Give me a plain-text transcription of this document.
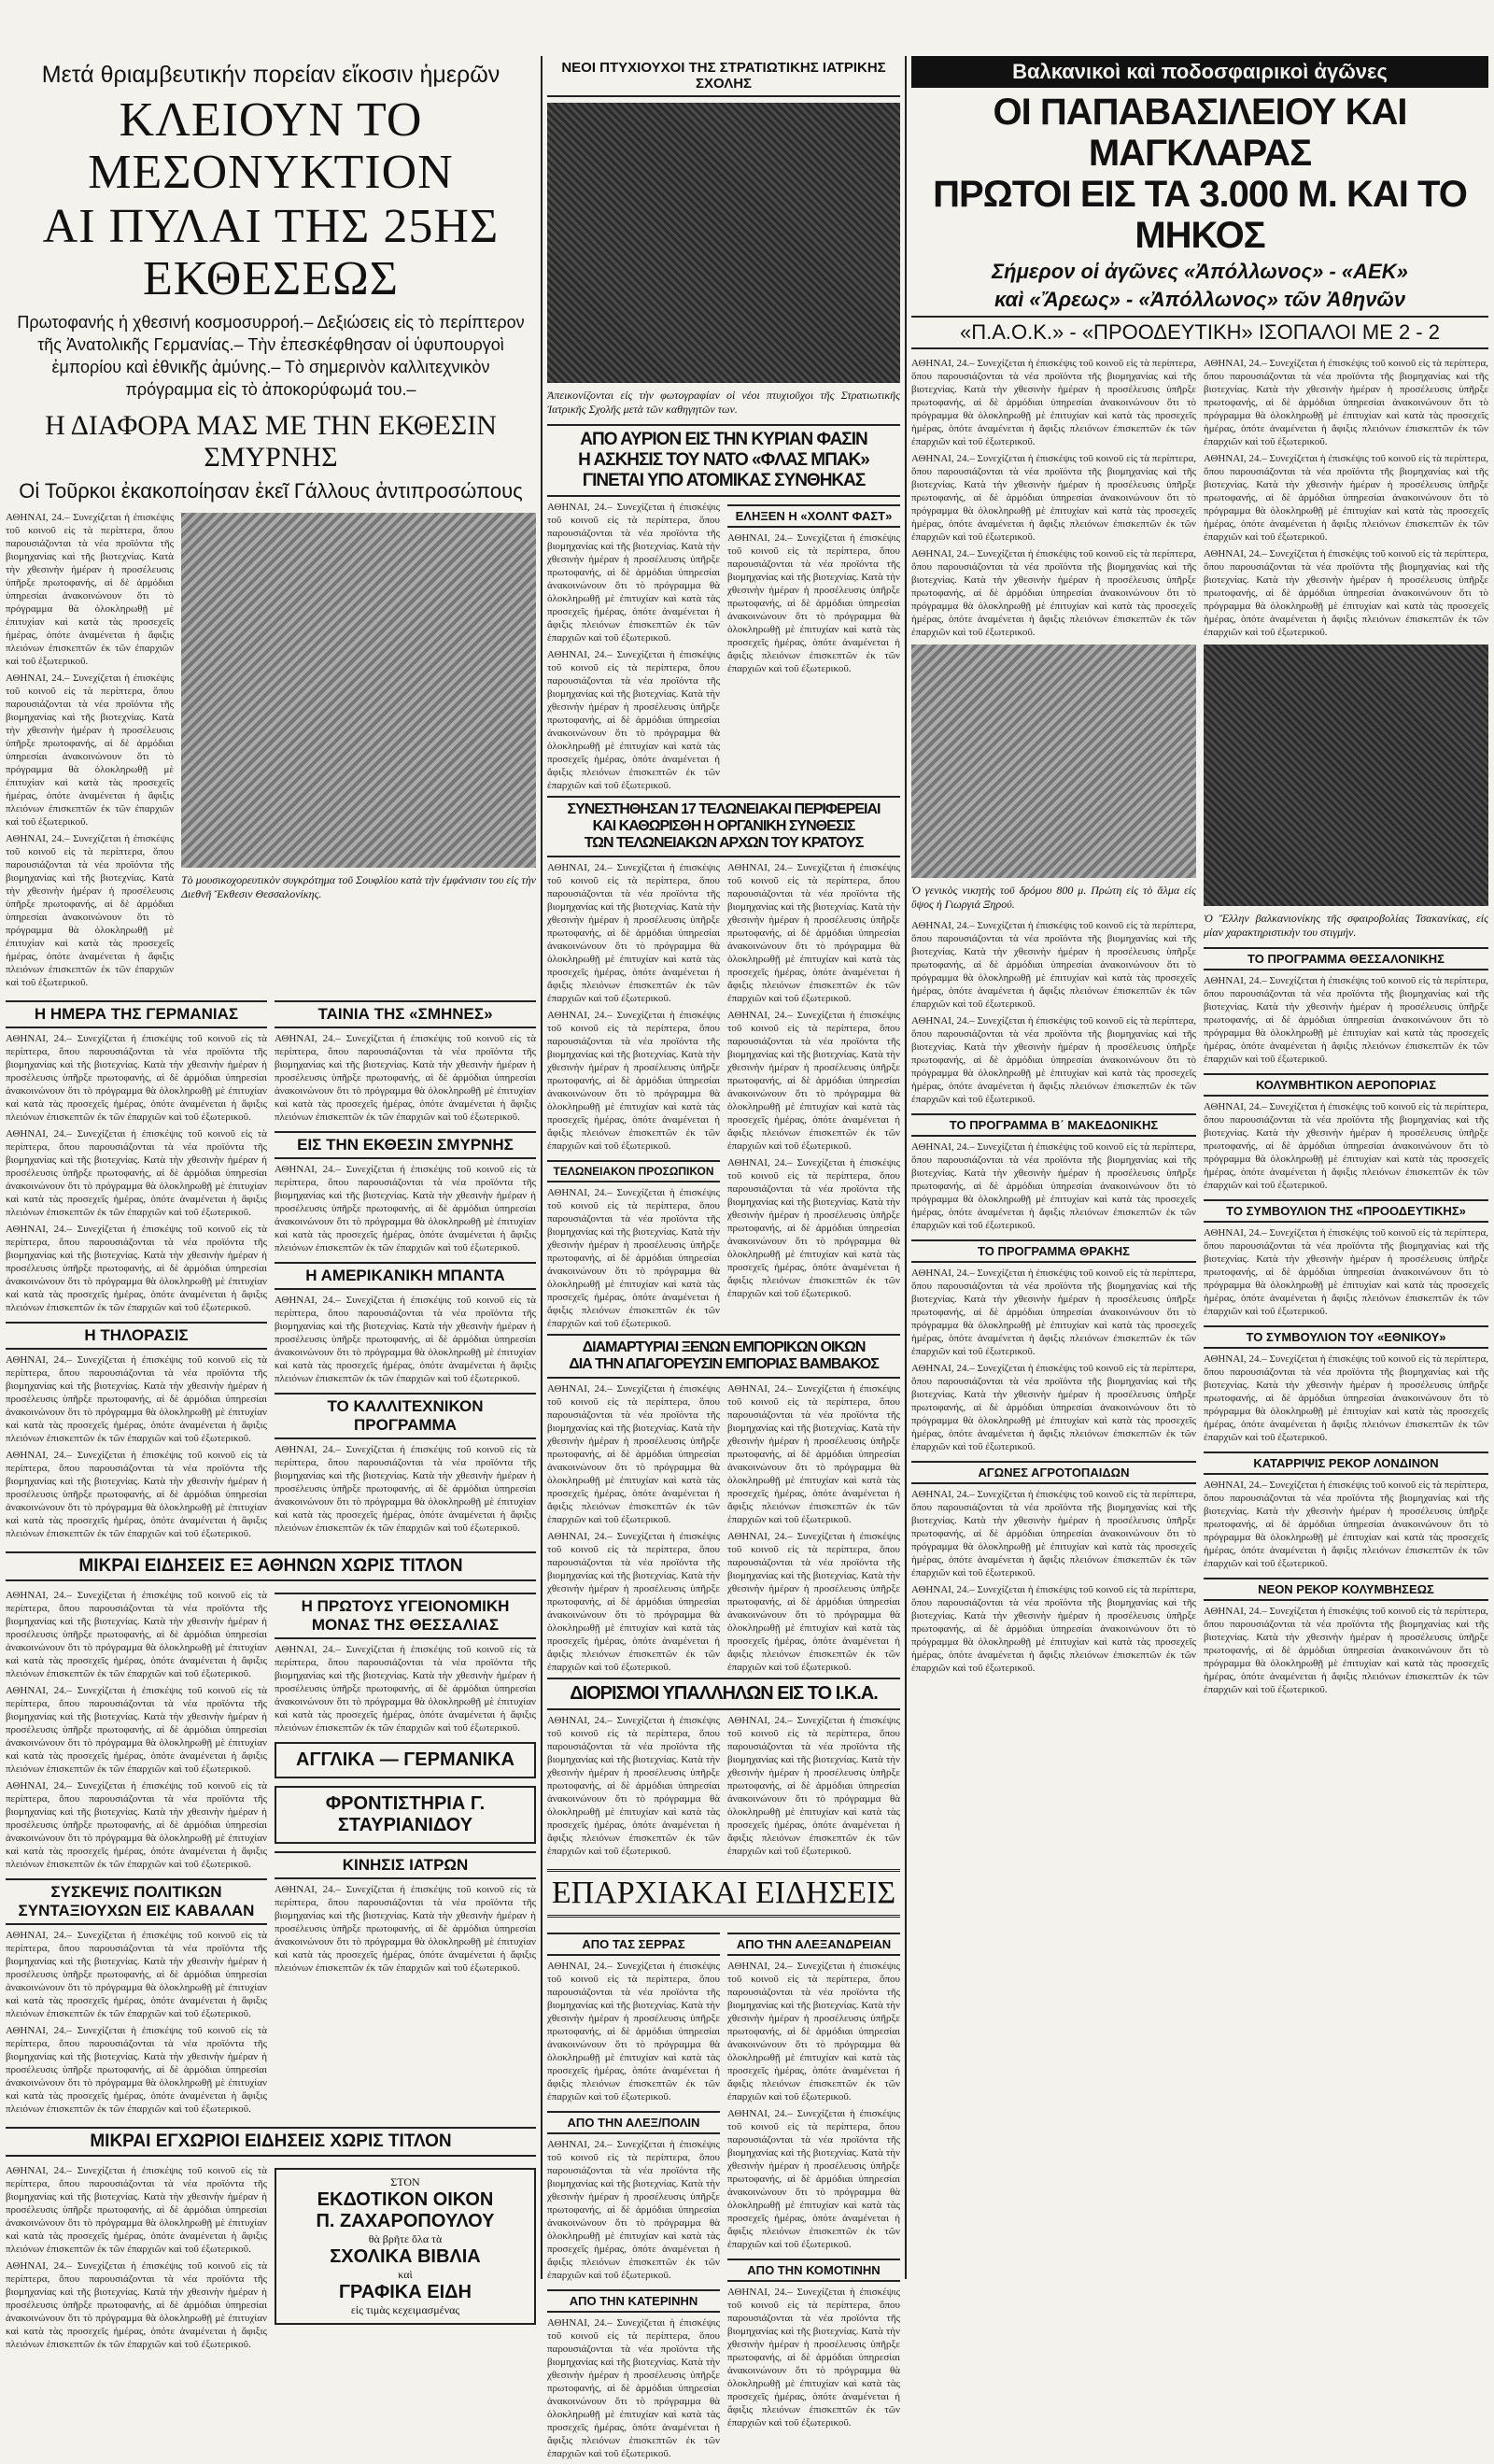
Μετά θριαμβευτικήν πορείαν εἴκοσιν ἡμερῶν
ΚΛΕΙΟΥΝ ΤΟ ΜΕΣΟΝΥΚΤΙΟΝ
ΑΙ ΠΥΛΑΙ ΤΗΣ 25ΗΣ ΕΚΘΕΣΕΩΣ
Πρωτοφανής ἡ χθεσινή κοσμοσυρροή.– Δεξιώσεις εἰς τὸ περίπτερον τῆς Ἀνατολικῆς Γερμανίας.– Τὴν ἐπεσκέφθησαν οἱ ὑφυπουργοὶ ἐμπορίου καὶ ἐθνικῆς ἀμύνης.– Τὸ σημερινὸν καλλιτεχνικὸν πρόγραμμα εἰς τὸ ἀποκορύφωμά του.–
Η ΔΙΑΦΟΡΑ ΜΑΣ ΜΕ ΤΗΝ ΕΚΘΕΣΙΝ ΣΜΥΡΝΗΣ
Οἱ Τοῦρκοι ἐκακοποίησαν ἐκεῖ Γάλλους ἀντιπροσώπους

ΑΘΗΝΑΙ, 24.– Συνεχίζεται ἡ ἐπισκέψις τοῦ κοινοῦ εἰς τὰ περίπτερα, ὅπου παρουσιάζονται τὰ νέα προϊόντα τῆς βιομηχανίας καὶ τῆς βιοτεχνίας. Κατὰ τὴν χθεσινὴν ἡμέραν ἡ προσέλευσις ὑπῆρξε πρωτοφανής, αἱ δὲ ἀρμόδιαι ὑπηρεσίαι ἀνακοινώνουν ὅτι τὸ πρόγραμμα θὰ ὁλοκληρωθῇ μὲ ἐπιτυχίαν καὶ κατὰ τὰς προσεχεῖς ἡμέρας, ὁπότε ἀναμένεται ἡ ἄφιξις πλειόνων ἐπισκεπτῶν ἐκ τῶν ἐπαρχιῶν καὶ τοῦ ἐξωτερικοῦ.

ΑΘΗΝΑΙ, 24.– Συνεχίζεται ἡ ἐπισκέψις τοῦ κοινοῦ εἰς τὰ περίπτερα, ὅπου παρουσιάζονται τὰ νέα προϊόντα τῆς βιομηχανίας καὶ τῆς βιοτεχνίας. Κατὰ τὴν χθεσινὴν ἡμέραν ἡ προσέλευσις ὑπῆρξε πρωτοφανής, αἱ δὲ ἀρμόδιαι ὑπηρεσίαι ἀνακοινώνουν ὅτι τὸ πρόγραμμα θὰ ὁλοκληρωθῇ μὲ ἐπιτυχίαν καὶ κατὰ τὰς προσεχεῖς ἡμέρας, ὁπότε ἀναμένεται ἡ ἄφιξις πλειόνων ἐπισκεπτῶν ἐκ τῶν ἐπαρχιῶν καὶ τοῦ ἐξωτερικοῦ.

ΑΘΗΝΑΙ, 24.– Συνεχίζεται ἡ ἐπισκέψις τοῦ κοινοῦ εἰς τὰ περίπτερα, ὅπου παρουσιάζονται τὰ νέα προϊόντα τῆς βιομηχανίας καὶ τῆς βιοτεχνίας. Κατὰ τὴν χθεσινὴν ἡμέραν ἡ προσέλευσις ὑπῆρξε πρωτοφανής, αἱ δὲ ἀρμόδιαι ὑπηρεσίαι ἀνακοινώνουν ὅτι τὸ πρόγραμμα θὰ ὁλοκληρωθῇ μὲ ἐπιτυχίαν καὶ κατὰ τὰς προσεχεῖς ἡμέρας, ὁπότε ἀναμένεται ἡ ἄφιξις πλειόνων ἐπισκεπτῶν ἐκ τῶν ἐπαρχιῶν καὶ τοῦ ἐξωτερικοῦ.

Τὸ μουσικοχορευτικὸν συγκρότημα τοῦ Σουφλίου κατὰ τὴν ἐμφάνισιν του εἰς τὴν Διεθνῆ Ἔκθεσιν Θεσσαλονίκης.
Η ΗΜΕΡΑ ΤΗΣ ΓΕΡΜΑΝΙΑΣ

ΑΘΗΝΑΙ, 24.– Συνεχίζεται ἡ ἐπισκέψις τοῦ κοινοῦ εἰς τὰ περίπτερα, ὅπου παρουσιάζονται τὰ νέα προϊόντα τῆς βιομηχανίας καὶ τῆς βιοτεχνίας. Κατὰ τὴν χθεσινὴν ἡμέραν ἡ προσέλευσις ὑπῆρξε πρωτοφανής, αἱ δὲ ἀρμόδιαι ὑπηρεσίαι ἀνακοινώνουν ὅτι τὸ πρόγραμμα θὰ ὁλοκληρωθῇ μὲ ἐπιτυχίαν καὶ κατὰ τὰς προσεχεῖς ἡμέρας, ὁπότε ἀναμένεται ἡ ἄφιξις πλειόνων ἐπισκεπτῶν ἐκ τῶν ἐπαρχιῶν καὶ τοῦ ἐξωτερικοῦ.

ΑΘΗΝΑΙ, 24.– Συνεχίζεται ἡ ἐπισκέψις τοῦ κοινοῦ εἰς τὰ περίπτερα, ὅπου παρουσιάζονται τὰ νέα προϊόντα τῆς βιομηχανίας καὶ τῆς βιοτεχνίας. Κατὰ τὴν χθεσινὴν ἡμέραν ἡ προσέλευσις ὑπῆρξε πρωτοφανής, αἱ δὲ ἀρμόδιαι ὑπηρεσίαι ἀνακοινώνουν ὅτι τὸ πρόγραμμα θὰ ὁλοκληρωθῇ μὲ ἐπιτυχίαν καὶ κατὰ τὰς προσεχεῖς ἡμέρας, ὁπότε ἀναμένεται ἡ ἄφιξις πλειόνων ἐπισκεπτῶν ἐκ τῶν ἐπαρχιῶν καὶ τοῦ ἐξωτερικοῦ.

ΑΘΗΝΑΙ, 24.– Συνεχίζεται ἡ ἐπισκέψις τοῦ κοινοῦ εἰς τὰ περίπτερα, ὅπου παρουσιάζονται τὰ νέα προϊόντα τῆς βιομηχανίας καὶ τῆς βιοτεχνίας. Κατὰ τὴν χθεσινὴν ἡμέραν ἡ προσέλευσις ὑπῆρξε πρωτοφανής, αἱ δὲ ἀρμόδιαι ὑπηρεσίαι ἀνακοινώνουν ὅτι τὸ πρόγραμμα θὰ ὁλοκληρωθῇ μὲ ἐπιτυχίαν καὶ κατὰ τὰς προσεχεῖς ἡμέρας, ὁπότε ἀναμένεται ἡ ἄφιξις πλειόνων ἐπισκεπτῶν ἐκ τῶν ἐπαρχιῶν καὶ τοῦ ἐξωτερικοῦ.

Η ΤΗΛΟΡΑΣΙΣ

ΑΘΗΝΑΙ, 24.– Συνεχίζεται ἡ ἐπισκέψις τοῦ κοινοῦ εἰς τὰ περίπτερα, ὅπου παρουσιάζονται τὰ νέα προϊόντα τῆς βιομηχανίας καὶ τῆς βιοτεχνίας. Κατὰ τὴν χθεσινὴν ἡμέραν ἡ προσέλευσις ὑπῆρξε πρωτοφανής, αἱ δὲ ἀρμόδιαι ὑπηρεσίαι ἀνακοινώνουν ὅτι τὸ πρόγραμμα θὰ ὁλοκληρωθῇ μὲ ἐπιτυχίαν καὶ κατὰ τὰς προσεχεῖς ἡμέρας, ὁπότε ἀναμένεται ἡ ἄφιξις πλειόνων ἐπισκεπτῶν ἐκ τῶν ἐπαρχιῶν καὶ τοῦ ἐξωτερικοῦ.

ΑΘΗΝΑΙ, 24.– Συνεχίζεται ἡ ἐπισκέψις τοῦ κοινοῦ εἰς τὰ περίπτερα, ὅπου παρουσιάζονται τὰ νέα προϊόντα τῆς βιομηχανίας καὶ τῆς βιοτεχνίας. Κατὰ τὴν χθεσινὴν ἡμέραν ἡ προσέλευσις ὑπῆρξε πρωτοφανής, αἱ δὲ ἀρμόδιαι ὑπηρεσίαι ἀνακοινώνουν ὅτι τὸ πρόγραμμα θὰ ὁλοκληρωθῇ μὲ ἐπιτυχίαν καὶ κατὰ τὰς προσεχεῖς ἡμέρας, ὁπότε ἀναμένεται ἡ ἄφιξις πλειόνων ἐπισκεπτῶν ἐκ τῶν ἐπαρχιῶν καὶ τοῦ ἐξωτερικοῦ.

ΤΑΙΝΙΑ ΤΗΣ «ΣΜΗΝΕΣ»

ΑΘΗΝΑΙ, 24.– Συνεχίζεται ἡ ἐπισκέψις τοῦ κοινοῦ εἰς τὰ περίπτερα, ὅπου παρουσιάζονται τὰ νέα προϊόντα τῆς βιομηχανίας καὶ τῆς βιοτεχνίας. Κατὰ τὴν χθεσινὴν ἡμέραν ἡ προσέλευσις ὑπῆρξε πρωτοφανής, αἱ δὲ ἀρμόδιαι ὑπηρεσίαι ἀνακοινώνουν ὅτι τὸ πρόγραμμα θὰ ὁλοκληρωθῇ μὲ ἐπιτυχίαν καὶ κατὰ τὰς προσεχεῖς ἡμέρας, ὁπότε ἀναμένεται ἡ ἄφιξις πλειόνων ἐπισκεπτῶν ἐκ τῶν ἐπαρχιῶν καὶ τοῦ ἐξωτερικοῦ.

ΕΙΣ ΤΗΝ ΕΚΘΕΣΙΝ ΣΜΥΡΝΗΣ

ΑΘΗΝΑΙ, 24.– Συνεχίζεται ἡ ἐπισκέψις τοῦ κοινοῦ εἰς τὰ περίπτερα, ὅπου παρουσιάζονται τὰ νέα προϊόντα τῆς βιομηχανίας καὶ τῆς βιοτεχνίας. Κατὰ τὴν χθεσινὴν ἡμέραν ἡ προσέλευσις ὑπῆρξε πρωτοφανής, αἱ δὲ ἀρμόδιαι ὑπηρεσίαι ἀνακοινώνουν ὅτι τὸ πρόγραμμα θὰ ὁλοκληρωθῇ μὲ ἐπιτυχίαν καὶ κατὰ τὰς προσεχεῖς ἡμέρας, ὁπότε ἀναμένεται ἡ ἄφιξις πλειόνων ἐπισκεπτῶν ἐκ τῶν ἐπαρχιῶν καὶ τοῦ ἐξωτερικοῦ.

Η ΑΜΕΡΙΚΑΝΙΚΗ ΜΠΑΝΤΑ

ΑΘΗΝΑΙ, 24.– Συνεχίζεται ἡ ἐπισκέψις τοῦ κοινοῦ εἰς τὰ περίπτερα, ὅπου παρουσιάζονται τὰ νέα προϊόντα τῆς βιομηχανίας καὶ τῆς βιοτεχνίας. Κατὰ τὴν χθεσινὴν ἡμέραν ἡ προσέλευσις ὑπῆρξε πρωτοφανής, αἱ δὲ ἀρμόδιαι ὑπηρεσίαι ἀνακοινώνουν ὅτι τὸ πρόγραμμα θὰ ὁλοκληρωθῇ μὲ ἐπιτυχίαν καὶ κατὰ τὰς προσεχεῖς ἡμέρας, ὁπότε ἀναμένεται ἡ ἄφιξις πλειόνων ἐπισκεπτῶν ἐκ τῶν ἐπαρχιῶν καὶ τοῦ ἐξωτερικοῦ.

ΤΟ ΚΑΛΛΙΤΕΧΝΙΚΟΝ ΠΡΟΓΡΑΜΜΑ

ΑΘΗΝΑΙ, 24.– Συνεχίζεται ἡ ἐπισκέψις τοῦ κοινοῦ εἰς τὰ περίπτερα, ὅπου παρουσιάζονται τὰ νέα προϊόντα τῆς βιομηχανίας καὶ τῆς βιοτεχνίας. Κατὰ τὴν χθεσινὴν ἡμέραν ἡ προσέλευσις ὑπῆρξε πρωτοφανής, αἱ δὲ ἀρμόδιαι ὑπηρεσίαι ἀνακοινώνουν ὅτι τὸ πρόγραμμα θὰ ὁλοκληρωθῇ μὲ ἐπιτυχίαν καὶ κατὰ τὰς προσεχεῖς ἡμέρας, ὁπότε ἀναμένεται ἡ ἄφιξις πλειόνων ἐπισκεπτῶν ἐκ τῶν ἐπαρχιῶν καὶ τοῦ ἐξωτερικοῦ.

ΜΙΚΡΑΙ ΕΙΔΗΣΕΙΣ ΕΞ ΑΘΗΝΩΝ ΧΩΡΙΣ ΤΙΤΛΟΝ

ΑΘΗΝΑΙ, 24.– Συνεχίζεται ἡ ἐπισκέψις τοῦ κοινοῦ εἰς τὰ περίπτερα, ὅπου παρουσιάζονται τὰ νέα προϊόντα τῆς βιομηχανίας καὶ τῆς βιοτεχνίας. Κατὰ τὴν χθεσινὴν ἡμέραν ἡ προσέλευσις ὑπῆρξε πρωτοφανής, αἱ δὲ ἀρμόδιαι ὑπηρεσίαι ἀνακοινώνουν ὅτι τὸ πρόγραμμα θὰ ὁλοκληρωθῇ μὲ ἐπιτυχίαν καὶ κατὰ τὰς προσεχεῖς ἡμέρας, ὁπότε ἀναμένεται ἡ ἄφιξις πλειόνων ἐπισκεπτῶν ἐκ τῶν ἐπαρχιῶν καὶ τοῦ ἐξωτερικοῦ.

ΑΘΗΝΑΙ, 24.– Συνεχίζεται ἡ ἐπισκέψις τοῦ κοινοῦ εἰς τὰ περίπτερα, ὅπου παρουσιάζονται τὰ νέα προϊόντα τῆς βιομηχανίας καὶ τῆς βιοτεχνίας. Κατὰ τὴν χθεσινὴν ἡμέραν ἡ προσέλευσις ὑπῆρξε πρωτοφανής, αἱ δὲ ἀρμόδιαι ὑπηρεσίαι ἀνακοινώνουν ὅτι τὸ πρόγραμμα θὰ ὁλοκληρωθῇ μὲ ἐπιτυχίαν καὶ κατὰ τὰς προσεχεῖς ἡμέρας, ὁπότε ἀναμένεται ἡ ἄφιξις πλειόνων ἐπισκεπτῶν ἐκ τῶν ἐπαρχιῶν καὶ τοῦ ἐξωτερικοῦ.

ΑΘΗΝΑΙ, 24.– Συνεχίζεται ἡ ἐπισκέψις τοῦ κοινοῦ εἰς τὰ περίπτερα, ὅπου παρουσιάζονται τὰ νέα προϊόντα τῆς βιομηχανίας καὶ τῆς βιοτεχνίας. Κατὰ τὴν χθεσινὴν ἡμέραν ἡ προσέλευσις ὑπῆρξε πρωτοφανής, αἱ δὲ ἀρμόδιαι ὑπηρεσίαι ἀνακοινώνουν ὅτι τὸ πρόγραμμα θὰ ὁλοκληρωθῇ μὲ ἐπιτυχίαν καὶ κατὰ τὰς προσεχεῖς ἡμέρας, ὁπότε ἀναμένεται ἡ ἄφιξις πλειόνων ἐπισκεπτῶν ἐκ τῶν ἐπαρχιῶν καὶ τοῦ ἐξωτερικοῦ.

ΣΥΣΚΕΨΙΣ ΠΟΛΙΤΙΚΩΝ ΣΥΝΤΑΞΙΟΥΧΩΝ ΕΙΣ ΚΑΒΑΛΑΝ

ΑΘΗΝΑΙ, 24.– Συνεχίζεται ἡ ἐπισκέψις τοῦ κοινοῦ εἰς τὰ περίπτερα, ὅπου παρουσιάζονται τὰ νέα προϊόντα τῆς βιομηχανίας καὶ τῆς βιοτεχνίας. Κατὰ τὴν χθεσινὴν ἡμέραν ἡ προσέλευσις ὑπῆρξε πρωτοφανής, αἱ δὲ ἀρμόδιαι ὑπηρεσίαι ἀνακοινώνουν ὅτι τὸ πρόγραμμα θὰ ὁλοκληρωθῇ μὲ ἐπιτυχίαν καὶ κατὰ τὰς προσεχεῖς ἡμέρας, ὁπότε ἀναμένεται ἡ ἄφιξις πλειόνων ἐπισκεπτῶν ἐκ τῶν ἐπαρχιῶν καὶ τοῦ ἐξωτερικοῦ.

ΑΘΗΝΑΙ, 24.– Συνεχίζεται ἡ ἐπισκέψις τοῦ κοινοῦ εἰς τὰ περίπτερα, ὅπου παρουσιάζονται τὰ νέα προϊόντα τῆς βιομηχανίας καὶ τῆς βιοτεχνίας. Κατὰ τὴν χθεσινὴν ἡμέραν ἡ προσέλευσις ὑπῆρξε πρωτοφανής, αἱ δὲ ἀρμόδιαι ὑπηρεσίαι ἀνακοινώνουν ὅτι τὸ πρόγραμμα θὰ ὁλοκληρωθῇ μὲ ἐπιτυχίαν καὶ κατὰ τὰς προσεχεῖς ἡμέρας, ὁπότε ἀναμένεται ἡ ἄφιξις πλειόνων ἐπισκεπτῶν ἐκ τῶν ἐπαρχιῶν καὶ τοῦ ἐξωτερικοῦ.

Η ΠΡΩΤΟΥΣ ΥΓΕΙΟΝΟΜΙΚΗ ΜΟΝΑΣ ΤΗΣ ΘΕΣΣΑΛΙΑΣ

ΑΘΗΝΑΙ, 24.– Συνεχίζεται ἡ ἐπισκέψις τοῦ κοινοῦ εἰς τὰ περίπτερα, ὅπου παρουσιάζονται τὰ νέα προϊόντα τῆς βιομηχανίας καὶ τῆς βιοτεχνίας. Κατὰ τὴν χθεσινὴν ἡμέραν ἡ προσέλευσις ὑπῆρξε πρωτοφανής, αἱ δὲ ἀρμόδιαι ὑπηρεσίαι ἀνακοινώνουν ὅτι τὸ πρόγραμμα θὰ ὁλοκληρωθῇ μὲ ἐπιτυχίαν καὶ κατὰ τὰς προσεχεῖς ἡμέρας, ὁπότε ἀναμένεται ἡ ἄφιξις πλειόνων ἐπισκεπτῶν ἐκ τῶν ἐπαρχιῶν καὶ τοῦ ἐξωτερικοῦ.

ΑΓΓΛΙΚΑ — ΓΕΡΜΑΝΙΚΑ
ΦΡΟΝΤΙΣΤΗΡΙΑ Γ. ΣΤΑΥΡΙΑΝΙΔΟΥ
ΚΙΝΗΣΙΣ ΙΑΤΡΩΝ

ΑΘΗΝΑΙ, 24.– Συνεχίζεται ἡ ἐπισκέψις τοῦ κοινοῦ εἰς τὰ περίπτερα, ὅπου παρουσιάζονται τὰ νέα προϊόντα τῆς βιομηχανίας καὶ τῆς βιοτεχνίας. Κατὰ τὴν χθεσινὴν ἡμέραν ἡ προσέλευσις ὑπῆρξε πρωτοφανής, αἱ δὲ ἀρμόδιαι ὑπηρεσίαι ἀνακοινώνουν ὅτι τὸ πρόγραμμα θὰ ὁλοκληρωθῇ μὲ ἐπιτυχίαν καὶ κατὰ τὰς προσεχεῖς ἡμέρας, ὁπότε ἀναμένεται ἡ ἄφιξις πλειόνων ἐπισκεπτῶν ἐκ τῶν ἐπαρχιῶν καὶ τοῦ ἐξωτερικοῦ.

ΜΙΚΡΑΙ ΕΓΧΩΡΙΟΙ ΕΙΔΗΣΕΙΣ ΧΩΡΙΣ ΤΙΤΛΟΝ

ΑΘΗΝΑΙ, 24.– Συνεχίζεται ἡ ἐπισκέψις τοῦ κοινοῦ εἰς τὰ περίπτερα, ὅπου παρουσιάζονται τὰ νέα προϊόντα τῆς βιομηχανίας καὶ τῆς βιοτεχνίας. Κατὰ τὴν χθεσινὴν ἡμέραν ἡ προσέλευσις ὑπῆρξε πρωτοφανής, αἱ δὲ ἀρμόδιαι ὑπηρεσίαι ἀνακοινώνουν ὅτι τὸ πρόγραμμα θὰ ὁλοκληρωθῇ μὲ ἐπιτυχίαν καὶ κατὰ τὰς προσεχεῖς ἡμέρας, ὁπότε ἀναμένεται ἡ ἄφιξις πλειόνων ἐπισκεπτῶν ἐκ τῶν ἐπαρχιῶν καὶ τοῦ ἐξωτερικοῦ.

ΑΘΗΝΑΙ, 24.– Συνεχίζεται ἡ ἐπισκέψις τοῦ κοινοῦ εἰς τὰ περίπτερα, ὅπου παρουσιάζονται τὰ νέα προϊόντα τῆς βιομηχανίας καὶ τῆς βιοτεχνίας. Κατὰ τὴν χθεσινὴν ἡμέραν ἡ προσέλευσις ὑπῆρξε πρωτοφανής, αἱ δὲ ἀρμόδιαι ὑπηρεσίαι ἀνακοινώνουν ὅτι τὸ πρόγραμμα θὰ ὁλοκληρωθῇ μὲ ἐπιτυχίαν καὶ κατὰ τὰς προσεχεῖς ἡμέρας, ὁπότε ἀναμένεται ἡ ἄφιξις πλειόνων ἐπισκεπτῶν ἐκ τῶν ἐπαρχιῶν καὶ τοῦ ἐξωτερικοῦ.

ΣΤΟΝ
ΕΚΔΟΤΙΚΟΝ ΟΙΚΟΝ
Π. ΖΑΧΑΡΟΠΟΥΛΟΥ
θὰ βρῆτε ὅλα τὰ
ΣΧΟΛΙΚΑ ΒΙΒΛΙΑ
καὶ
ΓΡΑΦΙΚΑ ΕΙΔΗ
εἰς τιμὰς κεχειμασμένας
ΝΕΟΙ ΠΤΥΧΙΟΥΧΟΙ ΤΗΣ ΣΤΡΑΤΙΩΤΙΚΗΣ ΙΑΤΡΙΚΗΣ ΣΧΟΛΗΣ
Ἀπεικονίζονται εἰς τὴν φωτογραφίαν οἱ νέοι πτυχιοῦχοι τῆς Στρατιωτικῆς Ἰατρικῆς Σχολῆς μετὰ τῶν καθηγητῶν των.
ΑΠΟ ΑΥΡΙΟΝ ΕΙΣ ΤΗΝ ΚΥΡΙΑΝ ΦΑΣΙΝ
Η ΑΣΚΗΣΙΣ ΤΟΥ ΝΑΤΟ «ΦΛΑΣ ΜΠΑΚ»
ΓΙΝΕΤΑΙ ΥΠΟ ΑΤΟΜΙΚΑΣ ΣΥΝΘΗΚΑΣ

ΑΘΗΝΑΙ, 24.– Συνεχίζεται ἡ ἐπισκέψις τοῦ κοινοῦ εἰς τὰ περίπτερα, ὅπου παρουσιάζονται τὰ νέα προϊόντα τῆς βιομηχανίας καὶ τῆς βιοτεχνίας. Κατὰ τὴν χθεσινὴν ἡμέραν ἡ προσέλευσις ὑπῆρξε πρωτοφανής, αἱ δὲ ἀρμόδιαι ὑπηρεσίαι ἀνακοινώνουν ὅτι τὸ πρόγραμμα θὰ ὁλοκληρωθῇ μὲ ἐπιτυχίαν καὶ κατὰ τὰς προσεχεῖς ἡμέρας, ὁπότε ἀναμένεται ἡ ἄφιξις πλειόνων ἐπισκεπτῶν ἐκ τῶν ἐπαρχιῶν καὶ τοῦ ἐξωτερικοῦ.

ΑΘΗΝΑΙ, 24.– Συνεχίζεται ἡ ἐπισκέψις τοῦ κοινοῦ εἰς τὰ περίπτερα, ὅπου παρουσιάζονται τὰ νέα προϊόντα τῆς βιομηχανίας καὶ τῆς βιοτεχνίας. Κατὰ τὴν χθεσινὴν ἡμέραν ἡ προσέλευσις ὑπῆρξε πρωτοφανής, αἱ δὲ ἀρμόδιαι ὑπηρεσίαι ἀνακοινώνουν ὅτι τὸ πρόγραμμα θὰ ὁλοκληρωθῇ μὲ ἐπιτυχίαν καὶ κατὰ τὰς προσεχεῖς ἡμέρας, ὁπότε ἀναμένεται ἡ ἄφιξις πλειόνων ἐπισκεπτῶν ἐκ τῶν ἐπαρχιῶν καὶ τοῦ ἐξωτερικοῦ.

ΕΛΗΞΕΝ Η «ΧΟΛΝΤ ΦΑΣΤ»

ΑΘΗΝΑΙ, 24.– Συνεχίζεται ἡ ἐπισκέψις τοῦ κοινοῦ εἰς τὰ περίπτερα, ὅπου παρουσιάζονται τὰ νέα προϊόντα τῆς βιομηχανίας καὶ τῆς βιοτεχνίας. Κατὰ τὴν χθεσινὴν ἡμέραν ἡ προσέλευσις ὑπῆρξε πρωτοφανής, αἱ δὲ ἀρμόδιαι ὑπηρεσίαι ἀνακοινώνουν ὅτι τὸ πρόγραμμα θὰ ὁλοκληρωθῇ μὲ ἐπιτυχίαν καὶ κατὰ τὰς προσεχεῖς ἡμέρας, ὁπότε ἀναμένεται ἡ ἄφιξις πλειόνων ἐπισκεπτῶν ἐκ τῶν ἐπαρχιῶν καὶ τοῦ ἐξωτερικοῦ.

ΣΥΝΕΣΤΗΘΗΣΑΝ 17 ΤΕΛΩΝΕΙΑΚΑΙ ΠΕΡΙΦΕΡΕΙΑΙ
ΚΑΙ ΚΑΘΩΡΙΣΘΗ Η ΟΡΓΑΝΙΚΗ ΣΥΝΘΕΣΙΣ
ΤΩΝ ΤΕΛΩΝΕΙΑΚΩΝ ΑΡΧΩΝ ΤΟΥ ΚΡΑΤΟΥΣ

ΑΘΗΝΑΙ, 24.– Συνεχίζεται ἡ ἐπισκέψις τοῦ κοινοῦ εἰς τὰ περίπτερα, ὅπου παρουσιάζονται τὰ νέα προϊόντα τῆς βιομηχανίας καὶ τῆς βιοτεχνίας. Κατὰ τὴν χθεσινὴν ἡμέραν ἡ προσέλευσις ὑπῆρξε πρωτοφανής, αἱ δὲ ἀρμόδιαι ὑπηρεσίαι ἀνακοινώνουν ὅτι τὸ πρόγραμμα θὰ ὁλοκληρωθῇ μὲ ἐπιτυχίαν καὶ κατὰ τὰς προσεχεῖς ἡμέρας, ὁπότε ἀναμένεται ἡ ἄφιξις πλειόνων ἐπισκεπτῶν ἐκ τῶν ἐπαρχιῶν καὶ τοῦ ἐξωτερικοῦ.

ΑΘΗΝΑΙ, 24.– Συνεχίζεται ἡ ἐπισκέψις τοῦ κοινοῦ εἰς τὰ περίπτερα, ὅπου παρουσιάζονται τὰ νέα προϊόντα τῆς βιομηχανίας καὶ τῆς βιοτεχνίας. Κατὰ τὴν χθεσινὴν ἡμέραν ἡ προσέλευσις ὑπῆρξε πρωτοφανής, αἱ δὲ ἀρμόδιαι ὑπηρεσίαι ἀνακοινώνουν ὅτι τὸ πρόγραμμα θὰ ὁλοκληρωθῇ μὲ ἐπιτυχίαν καὶ κατὰ τὰς προσεχεῖς ἡμέρας, ὁπότε ἀναμένεται ἡ ἄφιξις πλειόνων ἐπισκεπτῶν ἐκ τῶν ἐπαρχιῶν καὶ τοῦ ἐξωτερικοῦ.

ΤΕΛΩΝΕΙΑΚΟΝ ΠΡΟΣΩΠΙΚΟΝ

ΑΘΗΝΑΙ, 24.– Συνεχίζεται ἡ ἐπισκέψις τοῦ κοινοῦ εἰς τὰ περίπτερα, ὅπου παρουσιάζονται τὰ νέα προϊόντα τῆς βιομηχανίας καὶ τῆς βιοτεχνίας. Κατὰ τὴν χθεσινὴν ἡμέραν ἡ προσέλευσις ὑπῆρξε πρωτοφανής, αἱ δὲ ἀρμόδιαι ὑπηρεσίαι ἀνακοινώνουν ὅτι τὸ πρόγραμμα θὰ ὁλοκληρωθῇ μὲ ἐπιτυχίαν καὶ κατὰ τὰς προσεχεῖς ἡμέρας, ὁπότε ἀναμένεται ἡ ἄφιξις πλειόνων ἐπισκεπτῶν ἐκ τῶν ἐπαρχιῶν καὶ τοῦ ἐξωτερικοῦ.

ΑΘΗΝΑΙ, 24.– Συνεχίζεται ἡ ἐπισκέψις τοῦ κοινοῦ εἰς τὰ περίπτερα, ὅπου παρουσιάζονται τὰ νέα προϊόντα τῆς βιομηχανίας καὶ τῆς βιοτεχνίας. Κατὰ τὴν χθεσινὴν ἡμέραν ἡ προσέλευσις ὑπῆρξε πρωτοφανής, αἱ δὲ ἀρμόδιαι ὑπηρεσίαι ἀνακοινώνουν ὅτι τὸ πρόγραμμα θὰ ὁλοκληρωθῇ μὲ ἐπιτυχίαν καὶ κατὰ τὰς προσεχεῖς ἡμέρας, ὁπότε ἀναμένεται ἡ ἄφιξις πλειόνων ἐπισκεπτῶν ἐκ τῶν ἐπαρχιῶν καὶ τοῦ ἐξωτερικοῦ.

ΑΘΗΝΑΙ, 24.– Συνεχίζεται ἡ ἐπισκέψις τοῦ κοινοῦ εἰς τὰ περίπτερα, ὅπου παρουσιάζονται τὰ νέα προϊόντα τῆς βιομηχανίας καὶ τῆς βιοτεχνίας. Κατὰ τὴν χθεσινὴν ἡμέραν ἡ προσέλευσις ὑπῆρξε πρωτοφανής, αἱ δὲ ἀρμόδιαι ὑπηρεσίαι ἀνακοινώνουν ὅτι τὸ πρόγραμμα θὰ ὁλοκληρωθῇ μὲ ἐπιτυχίαν καὶ κατὰ τὰς προσεχεῖς ἡμέρας, ὁπότε ἀναμένεται ἡ ἄφιξις πλειόνων ἐπισκεπτῶν ἐκ τῶν ἐπαρχιῶν καὶ τοῦ ἐξωτερικοῦ.

ΑΘΗΝΑΙ, 24.– Συνεχίζεται ἡ ἐπισκέψις τοῦ κοινοῦ εἰς τὰ περίπτερα, ὅπου παρουσιάζονται τὰ νέα προϊόντα τῆς βιομηχανίας καὶ τῆς βιοτεχνίας. Κατὰ τὴν χθεσινὴν ἡμέραν ἡ προσέλευσις ὑπῆρξε πρωτοφανής, αἱ δὲ ἀρμόδιαι ὑπηρεσίαι ἀνακοινώνουν ὅτι τὸ πρόγραμμα θὰ ὁλοκληρωθῇ μὲ ἐπιτυχίαν καὶ κατὰ τὰς προσεχεῖς ἡμέρας, ὁπότε ἀναμένεται ἡ ἄφιξις πλειόνων ἐπισκεπτῶν ἐκ τῶν ἐπαρχιῶν καὶ τοῦ ἐξωτερικοῦ.

ΔΙΑΜΑΡΤΥΡΙΑΙ ΞΕΝΩΝ ΕΜΠΟΡΙΚΩΝ ΟΙΚΩΝ
ΔΙΑ ΤΗΝ ΑΠΑΓΟΡΕΥΣΙΝ ΕΜΠΟΡΙΑΣ ΒΑΜΒΑΚΟΣ

ΑΘΗΝΑΙ, 24.– Συνεχίζεται ἡ ἐπισκέψις τοῦ κοινοῦ εἰς τὰ περίπτερα, ὅπου παρουσιάζονται τὰ νέα προϊόντα τῆς βιομηχανίας καὶ τῆς βιοτεχνίας. Κατὰ τὴν χθεσινὴν ἡμέραν ἡ προσέλευσις ὑπῆρξε πρωτοφανής, αἱ δὲ ἀρμόδιαι ὑπηρεσίαι ἀνακοινώνουν ὅτι τὸ πρόγραμμα θὰ ὁλοκληρωθῇ μὲ ἐπιτυχίαν καὶ κατὰ τὰς προσεχεῖς ἡμέρας, ὁπότε ἀναμένεται ἡ ἄφιξις πλειόνων ἐπισκεπτῶν ἐκ τῶν ἐπαρχιῶν καὶ τοῦ ἐξωτερικοῦ.

ΑΘΗΝΑΙ, 24.– Συνεχίζεται ἡ ἐπισκέψις τοῦ κοινοῦ εἰς τὰ περίπτερα, ὅπου παρουσιάζονται τὰ νέα προϊόντα τῆς βιομηχανίας καὶ τῆς βιοτεχνίας. Κατὰ τὴν χθεσινὴν ἡμέραν ἡ προσέλευσις ὑπῆρξε πρωτοφανής, αἱ δὲ ἀρμόδιαι ὑπηρεσίαι ἀνακοινώνουν ὅτι τὸ πρόγραμμα θὰ ὁλοκληρωθῇ μὲ ἐπιτυχίαν καὶ κατὰ τὰς προσεχεῖς ἡμέρας, ὁπότε ἀναμένεται ἡ ἄφιξις πλειόνων ἐπισκεπτῶν ἐκ τῶν ἐπαρχιῶν καὶ τοῦ ἐξωτερικοῦ.

ΑΘΗΝΑΙ, 24.– Συνεχίζεται ἡ ἐπισκέψις τοῦ κοινοῦ εἰς τὰ περίπτερα, ὅπου παρουσιάζονται τὰ νέα προϊόντα τῆς βιομηχανίας καὶ τῆς βιοτεχνίας. Κατὰ τὴν χθεσινὴν ἡμέραν ἡ προσέλευσις ὑπῆρξε πρωτοφανής, αἱ δὲ ἀρμόδιαι ὑπηρεσίαι ἀνακοινώνουν ὅτι τὸ πρόγραμμα θὰ ὁλοκληρωθῇ μὲ ἐπιτυχίαν καὶ κατὰ τὰς προσεχεῖς ἡμέρας, ὁπότε ἀναμένεται ἡ ἄφιξις πλειόνων ἐπισκεπτῶν ἐκ τῶν ἐπαρχιῶν καὶ τοῦ ἐξωτερικοῦ.

ΑΘΗΝΑΙ, 24.– Συνεχίζεται ἡ ἐπισκέψις τοῦ κοινοῦ εἰς τὰ περίπτερα, ὅπου παρουσιάζονται τὰ νέα προϊόντα τῆς βιομηχανίας καὶ τῆς βιοτεχνίας. Κατὰ τὴν χθεσινὴν ἡμέραν ἡ προσέλευσις ὑπῆρξε πρωτοφανής, αἱ δὲ ἀρμόδιαι ὑπηρεσίαι ἀνακοινώνουν ὅτι τὸ πρόγραμμα θὰ ὁλοκληρωθῇ μὲ ἐπιτυχίαν καὶ κατὰ τὰς προσεχεῖς ἡμέρας, ὁπότε ἀναμένεται ἡ ἄφιξις πλειόνων ἐπισκεπτῶν ἐκ τῶν ἐπαρχιῶν καὶ τοῦ ἐξωτερικοῦ.

ΔΙΟΡΙΣΜΟΙ ΥΠΑΛΛΗΛΩΝ ΕΙΣ ΤΟ Ι.Κ.Α.

ΑΘΗΝΑΙ, 24.– Συνεχίζεται ἡ ἐπισκέψις τοῦ κοινοῦ εἰς τὰ περίπτερα, ὅπου παρουσιάζονται τὰ νέα προϊόντα τῆς βιομηχανίας καὶ τῆς βιοτεχνίας. Κατὰ τὴν χθεσινὴν ἡμέραν ἡ προσέλευσις ὑπῆρξε πρωτοφανής, αἱ δὲ ἀρμόδιαι ὑπηρεσίαι ἀνακοινώνουν ὅτι τὸ πρόγραμμα θὰ ὁλοκληρωθῇ μὲ ἐπιτυχίαν καὶ κατὰ τὰς προσεχεῖς ἡμέρας, ὁπότε ἀναμένεται ἡ ἄφιξις πλειόνων ἐπισκεπτῶν ἐκ τῶν ἐπαρχιῶν καὶ τοῦ ἐξωτερικοῦ.

ΑΘΗΝΑΙ, 24.– Συνεχίζεται ἡ ἐπισκέψις τοῦ κοινοῦ εἰς τὰ περίπτερα, ὅπου παρουσιάζονται τὰ νέα προϊόντα τῆς βιομηχανίας καὶ τῆς βιοτεχνίας. Κατὰ τὴν χθεσινὴν ἡμέραν ἡ προσέλευσις ὑπῆρξε πρωτοφανής, αἱ δὲ ἀρμόδιαι ὑπηρεσίαι ἀνακοινώνουν ὅτι τὸ πρόγραμμα θὰ ὁλοκληρωθῇ μὲ ἐπιτυχίαν καὶ κατὰ τὰς προσεχεῖς ἡμέρας, ὁπότε ἀναμένεται ἡ ἄφιξις πλειόνων ἐπισκεπτῶν ἐκ τῶν ἐπαρχιῶν καὶ τοῦ ἐξωτερικοῦ.

ΕΠΑΡΧΙΑΚΑΙ ΕΙΔΗΣΕΙΣ
ΑΠΟ ΤΑΣ ΣΕΡΡΑΣ

ΑΘΗΝΑΙ, 24.– Συνεχίζεται ἡ ἐπισκέψις τοῦ κοινοῦ εἰς τὰ περίπτερα, ὅπου παρουσιάζονται τὰ νέα προϊόντα τῆς βιομηχανίας καὶ τῆς βιοτεχνίας. Κατὰ τὴν χθεσινὴν ἡμέραν ἡ προσέλευσις ὑπῆρξε πρωτοφανής, αἱ δὲ ἀρμόδιαι ὑπηρεσίαι ἀνακοινώνουν ὅτι τὸ πρόγραμμα θὰ ὁλοκληρωθῇ μὲ ἐπιτυχίαν καὶ κατὰ τὰς προσεχεῖς ἡμέρας, ὁπότε ἀναμένεται ἡ ἄφιξις πλειόνων ἐπισκεπτῶν ἐκ τῶν ἐπαρχιῶν καὶ τοῦ ἐξωτερικοῦ.

ΑΠΟ ΤΗΝ ΑΛΕΞ/ΠΟΛΙΝ

ΑΘΗΝΑΙ, 24.– Συνεχίζεται ἡ ἐπισκέψις τοῦ κοινοῦ εἰς τὰ περίπτερα, ὅπου παρουσιάζονται τὰ νέα προϊόντα τῆς βιομηχανίας καὶ τῆς βιοτεχνίας. Κατὰ τὴν χθεσινὴν ἡμέραν ἡ προσέλευσις ὑπῆρξε πρωτοφανής, αἱ δὲ ἀρμόδιαι ὑπηρεσίαι ἀνακοινώνουν ὅτι τὸ πρόγραμμα θὰ ὁλοκληρωθῇ μὲ ἐπιτυχίαν καὶ κατὰ τὰς προσεχεῖς ἡμέρας, ὁπότε ἀναμένεται ἡ ἄφιξις πλειόνων ἐπισκεπτῶν ἐκ τῶν ἐπαρχιῶν καὶ τοῦ ἐξωτερικοῦ.

ΑΠΟ ΤΗΝ ΚΑΤΕΡΙΝΗΝ

ΑΘΗΝΑΙ, 24.– Συνεχίζεται ἡ ἐπισκέψις τοῦ κοινοῦ εἰς τὰ περίπτερα, ὅπου παρουσιάζονται τὰ νέα προϊόντα τῆς βιομηχανίας καὶ τῆς βιοτεχνίας. Κατὰ τὴν χθεσινὴν ἡμέραν ἡ προσέλευσις ὑπῆρξε πρωτοφανής, αἱ δὲ ἀρμόδιαι ὑπηρεσίαι ἀνακοινώνουν ὅτι τὸ πρόγραμμα θὰ ὁλοκληρωθῇ μὲ ἐπιτυχίαν καὶ κατὰ τὰς προσεχεῖς ἡμέρας, ὁπότε ἀναμένεται ἡ ἄφιξις πλειόνων ἐπισκεπτῶν ἐκ τῶν ἐπαρχιῶν καὶ τοῦ ἐξωτερικοῦ.

ΑΠΟ ΤΗΝ ΑΛΕΞΑΝΔΡΕΙΑΝ

ΑΘΗΝΑΙ, 24.– Συνεχίζεται ἡ ἐπισκέψις τοῦ κοινοῦ εἰς τὰ περίπτερα, ὅπου παρουσιάζονται τὰ νέα προϊόντα τῆς βιομηχανίας καὶ τῆς βιοτεχνίας. Κατὰ τὴν χθεσινὴν ἡμέραν ἡ προσέλευσις ὑπῆρξε πρωτοφανής, αἱ δὲ ἀρμόδιαι ὑπηρεσίαι ἀνακοινώνουν ὅτι τὸ πρόγραμμα θὰ ὁλοκληρωθῇ μὲ ἐπιτυχίαν καὶ κατὰ τὰς προσεχεῖς ἡμέρας, ὁπότε ἀναμένεται ἡ ἄφιξις πλειόνων ἐπισκεπτῶν ἐκ τῶν ἐπαρχιῶν καὶ τοῦ ἐξωτερικοῦ.

ΑΘΗΝΑΙ, 24.– Συνεχίζεται ἡ ἐπισκέψις τοῦ κοινοῦ εἰς τὰ περίπτερα, ὅπου παρουσιάζονται τὰ νέα προϊόντα τῆς βιομηχανίας καὶ τῆς βιοτεχνίας. Κατὰ τὴν χθεσινὴν ἡμέραν ἡ προσέλευσις ὑπῆρξε πρωτοφανής, αἱ δὲ ἀρμόδιαι ὑπηρεσίαι ἀνακοινώνουν ὅτι τὸ πρόγραμμα θὰ ὁλοκληρωθῇ μὲ ἐπιτυχίαν καὶ κατὰ τὰς προσεχεῖς ἡμέρας, ὁπότε ἀναμένεται ἡ ἄφιξις πλειόνων ἐπισκεπτῶν ἐκ τῶν ἐπαρχιῶν καὶ τοῦ ἐξωτερικοῦ.

ΑΠΟ ΤΗΝ ΚΟΜΟΤΙΝΗΝ

ΑΘΗΝΑΙ, 24.– Συνεχίζεται ἡ ἐπισκέψις τοῦ κοινοῦ εἰς τὰ περίπτερα, ὅπου παρουσιάζονται τὰ νέα προϊόντα τῆς βιομηχανίας καὶ τῆς βιοτεχνίας. Κατὰ τὴν χθεσινὴν ἡμέραν ἡ προσέλευσις ὑπῆρξε πρωτοφανής, αἱ δὲ ἀρμόδιαι ὑπηρεσίαι ἀνακοινώνουν ὅτι τὸ πρόγραμμα θὰ ὁλοκληρωθῇ μὲ ἐπιτυχίαν καὶ κατὰ τὰς προσεχεῖς ἡμέρας, ὁπότε ἀναμένεται ἡ ἄφιξις πλειόνων ἐπισκεπτῶν ἐκ τῶν ἐπαρχιῶν καὶ τοῦ ἐξωτερικοῦ.

Βαλκανικοὶ καὶ ποδοσφαιρικοὶ ἀγῶνες
ΟΙ ΠΑΠΑΒΑΣΙΛΕΙΟΥ ΚΑΙ ΜΑΓΚΛΑΡΑΣ
ΠΡΩΤΟΙ ΕΙΣ ΤΑ 3.000 Μ. ΚΑΙ ΤΟ ΜΗΚΟΣ
Σήμερον οἱ ἀγῶνες «Ἀπόλλωνος» - «ΑΕΚ»
καὶ «Ἄρεως» - «Ἀπόλλωνος» τῶν Ἀθηνῶν
«Π.Α.Ο.Κ.» - «ΠΡΟΟΔΕΥΤΙΚΗ» ΙΣΟΠΑΛΟΙ ΜΕ 2 - 2

ΑΘΗΝΑΙ, 24.– Συνεχίζεται ἡ ἐπισκέψις τοῦ κοινοῦ εἰς τὰ περίπτερα, ὅπου παρουσιάζονται τὰ νέα προϊόντα τῆς βιομηχανίας καὶ τῆς βιοτεχνίας. Κατὰ τὴν χθεσινὴν ἡμέραν ἡ προσέλευσις ὑπῆρξε πρωτοφανής, αἱ δὲ ἀρμόδιαι ὑπηρεσίαι ἀνακοινώνουν ὅτι τὸ πρόγραμμα θὰ ὁλοκληρωθῇ μὲ ἐπιτυχίαν καὶ κατὰ τὰς προσεχεῖς ἡμέρας, ὁπότε ἀναμένεται ἡ ἄφιξις πλειόνων ἐπισκεπτῶν ἐκ τῶν ἐπαρχιῶν καὶ τοῦ ἐξωτερικοῦ.

ΑΘΗΝΑΙ, 24.– Συνεχίζεται ἡ ἐπισκέψις τοῦ κοινοῦ εἰς τὰ περίπτερα, ὅπου παρουσιάζονται τὰ νέα προϊόντα τῆς βιομηχανίας καὶ τῆς βιοτεχνίας. Κατὰ τὴν χθεσινὴν ἡμέραν ἡ προσέλευσις ὑπῆρξε πρωτοφανής, αἱ δὲ ἀρμόδιαι ὑπηρεσίαι ἀνακοινώνουν ὅτι τὸ πρόγραμμα θὰ ὁλοκληρωθῇ μὲ ἐπιτυχίαν καὶ κατὰ τὰς προσεχεῖς ἡμέρας, ὁπότε ἀναμένεται ἡ ἄφιξις πλειόνων ἐπισκεπτῶν ἐκ τῶν ἐπαρχιῶν καὶ τοῦ ἐξωτερικοῦ.

ΑΘΗΝΑΙ, 24.– Συνεχίζεται ἡ ἐπισκέψις τοῦ κοινοῦ εἰς τὰ περίπτερα, ὅπου παρουσιάζονται τὰ νέα προϊόντα τῆς βιομηχανίας καὶ τῆς βιοτεχνίας. Κατὰ τὴν χθεσινὴν ἡμέραν ἡ προσέλευσις ὑπῆρξε πρωτοφανής, αἱ δὲ ἀρμόδιαι ὑπηρεσίαι ἀνακοινώνουν ὅτι τὸ πρόγραμμα θὰ ὁλοκληρωθῇ μὲ ἐπιτυχίαν καὶ κατὰ τὰς προσεχεῖς ἡμέρας, ὁπότε ἀναμένεται ἡ ἄφιξις πλειόνων ἐπισκεπτῶν ἐκ τῶν ἐπαρχιῶν καὶ τοῦ ἐξωτερικοῦ.

Ὁ γενικὸς νικητὴς τοῦ δρόμου 800 μ. Πρώτη εἰς τὸ ἅλμα εἰς ὕψος ἡ Γιωργιά Ξηρού.

ΑΘΗΝΑΙ, 24.– Συνεχίζεται ἡ ἐπισκέψις τοῦ κοινοῦ εἰς τὰ περίπτερα, ὅπου παρουσιάζονται τὰ νέα προϊόντα τῆς βιομηχανίας καὶ τῆς βιοτεχνίας. Κατὰ τὴν χθεσινὴν ἡμέραν ἡ προσέλευσις ὑπῆρξε πρωτοφανής, αἱ δὲ ἀρμόδιαι ὑπηρεσίαι ἀνακοινώνουν ὅτι τὸ πρόγραμμα θὰ ὁλοκληρωθῇ μὲ ἐπιτυχίαν καὶ κατὰ τὰς προσεχεῖς ἡμέρας, ὁπότε ἀναμένεται ἡ ἄφιξις πλειόνων ἐπισκεπτῶν ἐκ τῶν ἐπαρχιῶν καὶ τοῦ ἐξωτερικοῦ.

ΑΘΗΝΑΙ, 24.– Συνεχίζεται ἡ ἐπισκέψις τοῦ κοινοῦ εἰς τὰ περίπτερα, ὅπου παρουσιάζονται τὰ νέα προϊόντα τῆς βιομηχανίας καὶ τῆς βιοτεχνίας. Κατὰ τὴν χθεσινὴν ἡμέραν ἡ προσέλευσις ὑπῆρξε πρωτοφανής, αἱ δὲ ἀρμόδιαι ὑπηρεσίαι ἀνακοινώνουν ὅτι τὸ πρόγραμμα θὰ ὁλοκληρωθῇ μὲ ἐπιτυχίαν καὶ κατὰ τὰς προσεχεῖς ἡμέρας, ὁπότε ἀναμένεται ἡ ἄφιξις πλειόνων ἐπισκεπτῶν ἐκ τῶν ἐπαρχιῶν καὶ τοῦ ἐξωτερικοῦ.

ΤΟ ΠΡΟΓΡΑΜΜΑ Β΄ ΜΑΚΕΔΟΝΙΚΗΣ

ΑΘΗΝΑΙ, 24.– Συνεχίζεται ἡ ἐπισκέψις τοῦ κοινοῦ εἰς τὰ περίπτερα, ὅπου παρουσιάζονται τὰ νέα προϊόντα τῆς βιομηχανίας καὶ τῆς βιοτεχνίας. Κατὰ τὴν χθεσινὴν ἡμέραν ἡ προσέλευσις ὑπῆρξε πρωτοφανής, αἱ δὲ ἀρμόδιαι ὑπηρεσίαι ἀνακοινώνουν ὅτι τὸ πρόγραμμα θὰ ὁλοκληρωθῇ μὲ ἐπιτυχίαν καὶ κατὰ τὰς προσεχεῖς ἡμέρας, ὁπότε ἀναμένεται ἡ ἄφιξις πλειόνων ἐπισκεπτῶν ἐκ τῶν ἐπαρχιῶν καὶ τοῦ ἐξωτερικοῦ.

ΤΟ ΠΡΟΓΡΑΜΜΑ ΘΡΑΚΗΣ

ΑΘΗΝΑΙ, 24.– Συνεχίζεται ἡ ἐπισκέψις τοῦ κοινοῦ εἰς τὰ περίπτερα, ὅπου παρουσιάζονται τὰ νέα προϊόντα τῆς βιομηχανίας καὶ τῆς βιοτεχνίας. Κατὰ τὴν χθεσινὴν ἡμέραν ἡ προσέλευσις ὑπῆρξε πρωτοφανής, αἱ δὲ ἀρμόδιαι ὑπηρεσίαι ἀνακοινώνουν ὅτι τὸ πρόγραμμα θὰ ὁλοκληρωθῇ μὲ ἐπιτυχίαν καὶ κατὰ τὰς προσεχεῖς ἡμέρας, ὁπότε ἀναμένεται ἡ ἄφιξις πλειόνων ἐπισκεπτῶν ἐκ τῶν ἐπαρχιῶν καὶ τοῦ ἐξωτερικοῦ.

ΑΘΗΝΑΙ, 24.– Συνεχίζεται ἡ ἐπισκέψις τοῦ κοινοῦ εἰς τὰ περίπτερα, ὅπου παρουσιάζονται τὰ νέα προϊόντα τῆς βιομηχανίας καὶ τῆς βιοτεχνίας. Κατὰ τὴν χθεσινὴν ἡμέραν ἡ προσέλευσις ὑπῆρξε πρωτοφανής, αἱ δὲ ἀρμόδιαι ὑπηρεσίαι ἀνακοινώνουν ὅτι τὸ πρόγραμμα θὰ ὁλοκληρωθῇ μὲ ἐπιτυχίαν καὶ κατὰ τὰς προσεχεῖς ἡμέρας, ὁπότε ἀναμένεται ἡ ἄφιξις πλειόνων ἐπισκεπτῶν ἐκ τῶν ἐπαρχιῶν καὶ τοῦ ἐξωτερικοῦ.

ΑΓΩΝΕΣ ΑΓΡΟΤΟΠΑΙΔΩΝ

ΑΘΗΝΑΙ, 24.– Συνεχίζεται ἡ ἐπισκέψις τοῦ κοινοῦ εἰς τὰ περίπτερα, ὅπου παρουσιάζονται τὰ νέα προϊόντα τῆς βιομηχανίας καὶ τῆς βιοτεχνίας. Κατὰ τὴν χθεσινὴν ἡμέραν ἡ προσέλευσις ὑπῆρξε πρωτοφανής, αἱ δὲ ἀρμόδιαι ὑπηρεσίαι ἀνακοινώνουν ὅτι τὸ πρόγραμμα θὰ ὁλοκληρωθῇ μὲ ἐπιτυχίαν καὶ κατὰ τὰς προσεχεῖς ἡμέρας, ὁπότε ἀναμένεται ἡ ἄφιξις πλειόνων ἐπισκεπτῶν ἐκ τῶν ἐπαρχιῶν καὶ τοῦ ἐξωτερικοῦ.

ΑΘΗΝΑΙ, 24.– Συνεχίζεται ἡ ἐπισκέψις τοῦ κοινοῦ εἰς τὰ περίπτερα, ὅπου παρουσιάζονται τὰ νέα προϊόντα τῆς βιομηχανίας καὶ τῆς βιοτεχνίας. Κατὰ τὴν χθεσινὴν ἡμέραν ἡ προσέλευσις ὑπῆρξε πρωτοφανής, αἱ δὲ ἀρμόδιαι ὑπηρεσίαι ἀνακοινώνουν ὅτι τὸ πρόγραμμα θὰ ὁλοκληρωθῇ μὲ ἐπιτυχίαν καὶ κατὰ τὰς προσεχεῖς ἡμέρας, ὁπότε ἀναμένεται ἡ ἄφιξις πλειόνων ἐπισκεπτῶν ἐκ τῶν ἐπαρχιῶν καὶ τοῦ ἐξωτερικοῦ.

ΑΘΗΝΑΙ, 24.– Συνεχίζεται ἡ ἐπισκέψις τοῦ κοινοῦ εἰς τὰ περίπτερα, ὅπου παρουσιάζονται τὰ νέα προϊόντα τῆς βιομηχανίας καὶ τῆς βιοτεχνίας. Κατὰ τὴν χθεσινὴν ἡμέραν ἡ προσέλευσις ὑπῆρξε πρωτοφανής, αἱ δὲ ἀρμόδιαι ὑπηρεσίαι ἀνακοινώνουν ὅτι τὸ πρόγραμμα θὰ ὁλοκληρωθῇ μὲ ἐπιτυχίαν καὶ κατὰ τὰς προσεχεῖς ἡμέρας, ὁπότε ἀναμένεται ἡ ἄφιξις πλειόνων ἐπισκεπτῶν ἐκ τῶν ἐπαρχιῶν καὶ τοῦ ἐξωτερικοῦ.

ΑΘΗΝΑΙ, 24.– Συνεχίζεται ἡ ἐπισκέψις τοῦ κοινοῦ εἰς τὰ περίπτερα, ὅπου παρουσιάζονται τὰ νέα προϊόντα τῆς βιομηχανίας καὶ τῆς βιοτεχνίας. Κατὰ τὴν χθεσινὴν ἡμέραν ἡ προσέλευσις ὑπῆρξε πρωτοφανής, αἱ δὲ ἀρμόδιαι ὑπηρεσίαι ἀνακοινώνουν ὅτι τὸ πρόγραμμα θὰ ὁλοκληρωθῇ μὲ ἐπιτυχίαν καὶ κατὰ τὰς προσεχεῖς ἡμέρας, ὁπότε ἀναμένεται ἡ ἄφιξις πλειόνων ἐπισκεπτῶν ἐκ τῶν ἐπαρχιῶν καὶ τοῦ ἐξωτερικοῦ.

ΑΘΗΝΑΙ, 24.– Συνεχίζεται ἡ ἐπισκέψις τοῦ κοινοῦ εἰς τὰ περίπτερα, ὅπου παρουσιάζονται τὰ νέα προϊόντα τῆς βιομηχανίας καὶ τῆς βιοτεχνίας. Κατὰ τὴν χθεσινὴν ἡμέραν ἡ προσέλευσις ὑπῆρξε πρωτοφανής, αἱ δὲ ἀρμόδιαι ὑπηρεσίαι ἀνακοινώνουν ὅτι τὸ πρόγραμμα θὰ ὁλοκληρωθῇ μὲ ἐπιτυχίαν καὶ κατὰ τὰς προσεχεῖς ἡμέρας, ὁπότε ἀναμένεται ἡ ἄφιξις πλειόνων ἐπισκεπτῶν ἐκ τῶν ἐπαρχιῶν καὶ τοῦ ἐξωτερικοῦ.

Ὁ Ἕλλην βαλκανιονίκης τῆς σφαιροβολίας Τσακανίκας, εἰς μίαν χαρακτηριστικὴν του στιγμήν.
ΤΟ ΠΡΟΓΡΑΜΜΑ ΘΕΣΣΑΛΟΝΙΚΗΣ

ΑΘΗΝΑΙ, 24.– Συνεχίζεται ἡ ἐπισκέψις τοῦ κοινοῦ εἰς τὰ περίπτερα, ὅπου παρουσιάζονται τὰ νέα προϊόντα τῆς βιομηχανίας καὶ τῆς βιοτεχνίας. Κατὰ τὴν χθεσινὴν ἡμέραν ἡ προσέλευσις ὑπῆρξε πρωτοφανής, αἱ δὲ ἀρμόδιαι ὑπηρεσίαι ἀνακοινώνουν ὅτι τὸ πρόγραμμα θὰ ὁλοκληρωθῇ μὲ ἐπιτυχίαν καὶ κατὰ τὰς προσεχεῖς ἡμέρας, ὁπότε ἀναμένεται ἡ ἄφιξις πλειόνων ἐπισκεπτῶν ἐκ τῶν ἐπαρχιῶν καὶ τοῦ ἐξωτερικοῦ.

ΚΟΛΥΜΒΗΤΙΚΟΝ ΑΕΡΟΠΟΡΙΑΣ

ΑΘΗΝΑΙ, 24.– Συνεχίζεται ἡ ἐπισκέψις τοῦ κοινοῦ εἰς τὰ περίπτερα, ὅπου παρουσιάζονται τὰ νέα προϊόντα τῆς βιομηχανίας καὶ τῆς βιοτεχνίας. Κατὰ τὴν χθεσινὴν ἡμέραν ἡ προσέλευσις ὑπῆρξε πρωτοφανής, αἱ δὲ ἀρμόδιαι ὑπηρεσίαι ἀνακοινώνουν ὅτι τὸ πρόγραμμα θὰ ὁλοκληρωθῇ μὲ ἐπιτυχίαν καὶ κατὰ τὰς προσεχεῖς ἡμέρας, ὁπότε ἀναμένεται ἡ ἄφιξις πλειόνων ἐπισκεπτῶν ἐκ τῶν ἐπαρχιῶν καὶ τοῦ ἐξωτερικοῦ.

ΤΟ ΣΥΜΒΟΥΛΙΟΝ ΤΗΣ «ΠΡΟΟΔΕΥΤΙΚΗΣ»

ΑΘΗΝΑΙ, 24.– Συνεχίζεται ἡ ἐπισκέψις τοῦ κοινοῦ εἰς τὰ περίπτερα, ὅπου παρουσιάζονται τὰ νέα προϊόντα τῆς βιομηχανίας καὶ τῆς βιοτεχνίας. Κατὰ τὴν χθεσινὴν ἡμέραν ἡ προσέλευσις ὑπῆρξε πρωτοφανής, αἱ δὲ ἀρμόδιαι ὑπηρεσίαι ἀνακοινώνουν ὅτι τὸ πρόγραμμα θὰ ὁλοκληρωθῇ μὲ ἐπιτυχίαν καὶ κατὰ τὰς προσεχεῖς ἡμέρας, ὁπότε ἀναμένεται ἡ ἄφιξις πλειόνων ἐπισκεπτῶν ἐκ τῶν ἐπαρχιῶν καὶ τοῦ ἐξωτερικοῦ.

ΤΟ ΣΥΜΒΟΥΛΙΟΝ ΤΟΥ «ΕΘΝΙΚΟΥ»

ΑΘΗΝΑΙ, 24.– Συνεχίζεται ἡ ἐπισκέψις τοῦ κοινοῦ εἰς τὰ περίπτερα, ὅπου παρουσιάζονται τὰ νέα προϊόντα τῆς βιομηχανίας καὶ τῆς βιοτεχνίας. Κατὰ τὴν χθεσινὴν ἡμέραν ἡ προσέλευσις ὑπῆρξε πρωτοφανής, αἱ δὲ ἀρμόδιαι ὑπηρεσίαι ἀνακοινώνουν ὅτι τὸ πρόγραμμα θὰ ὁλοκληρωθῇ μὲ ἐπιτυχίαν καὶ κατὰ τὰς προσεχεῖς ἡμέρας, ὁπότε ἀναμένεται ἡ ἄφιξις πλειόνων ἐπισκεπτῶν ἐκ τῶν ἐπαρχιῶν καὶ τοῦ ἐξωτερικοῦ.

ΚΑΤΑΡΡΙΨΙΣ ΡΕΚΟΡ ΛΟΝΔΙΝΟΝ

ΑΘΗΝΑΙ, 24.– Συνεχίζεται ἡ ἐπισκέψις τοῦ κοινοῦ εἰς τὰ περίπτερα, ὅπου παρουσιάζονται τὰ νέα προϊόντα τῆς βιομηχανίας καὶ τῆς βιοτεχνίας. Κατὰ τὴν χθεσινὴν ἡμέραν ἡ προσέλευσις ὑπῆρξε πρωτοφανής, αἱ δὲ ἀρμόδιαι ὑπηρεσίαι ἀνακοινώνουν ὅτι τὸ πρόγραμμα θὰ ὁλοκληρωθῇ μὲ ἐπιτυχίαν καὶ κατὰ τὰς προσεχεῖς ἡμέρας, ὁπότε ἀναμένεται ἡ ἄφιξις πλειόνων ἐπισκεπτῶν ἐκ τῶν ἐπαρχιῶν καὶ τοῦ ἐξωτερικοῦ.

ΝΕΟΝ ΡΕΚΟΡ ΚΟΛΥΜΒΗΣΕΩΣ

ΑΘΗΝΑΙ, 24.– Συνεχίζεται ἡ ἐπισκέψις τοῦ κοινοῦ εἰς τὰ περίπτερα, ὅπου παρουσιάζονται τὰ νέα προϊόντα τῆς βιομηχανίας καὶ τῆς βιοτεχνίας. Κατὰ τὴν χθεσινὴν ἡμέραν ἡ προσέλευσις ὑπῆρξε πρωτοφανής, αἱ δὲ ἀρμόδιαι ὑπηρεσίαι ἀνακοινώνουν ὅτι τὸ πρόγραμμα θὰ ὁλοκληρωθῇ μὲ ἐπιτυχίαν καὶ κατὰ τὰς προσεχεῖς ἡμέρας, ὁπότε ἀναμένεται ἡ ἄφιξις πλειόνων ἐπισκεπτῶν ἐκ τῶν ἐπαρχιῶν καὶ τοῦ ἐξωτερικοῦ.
